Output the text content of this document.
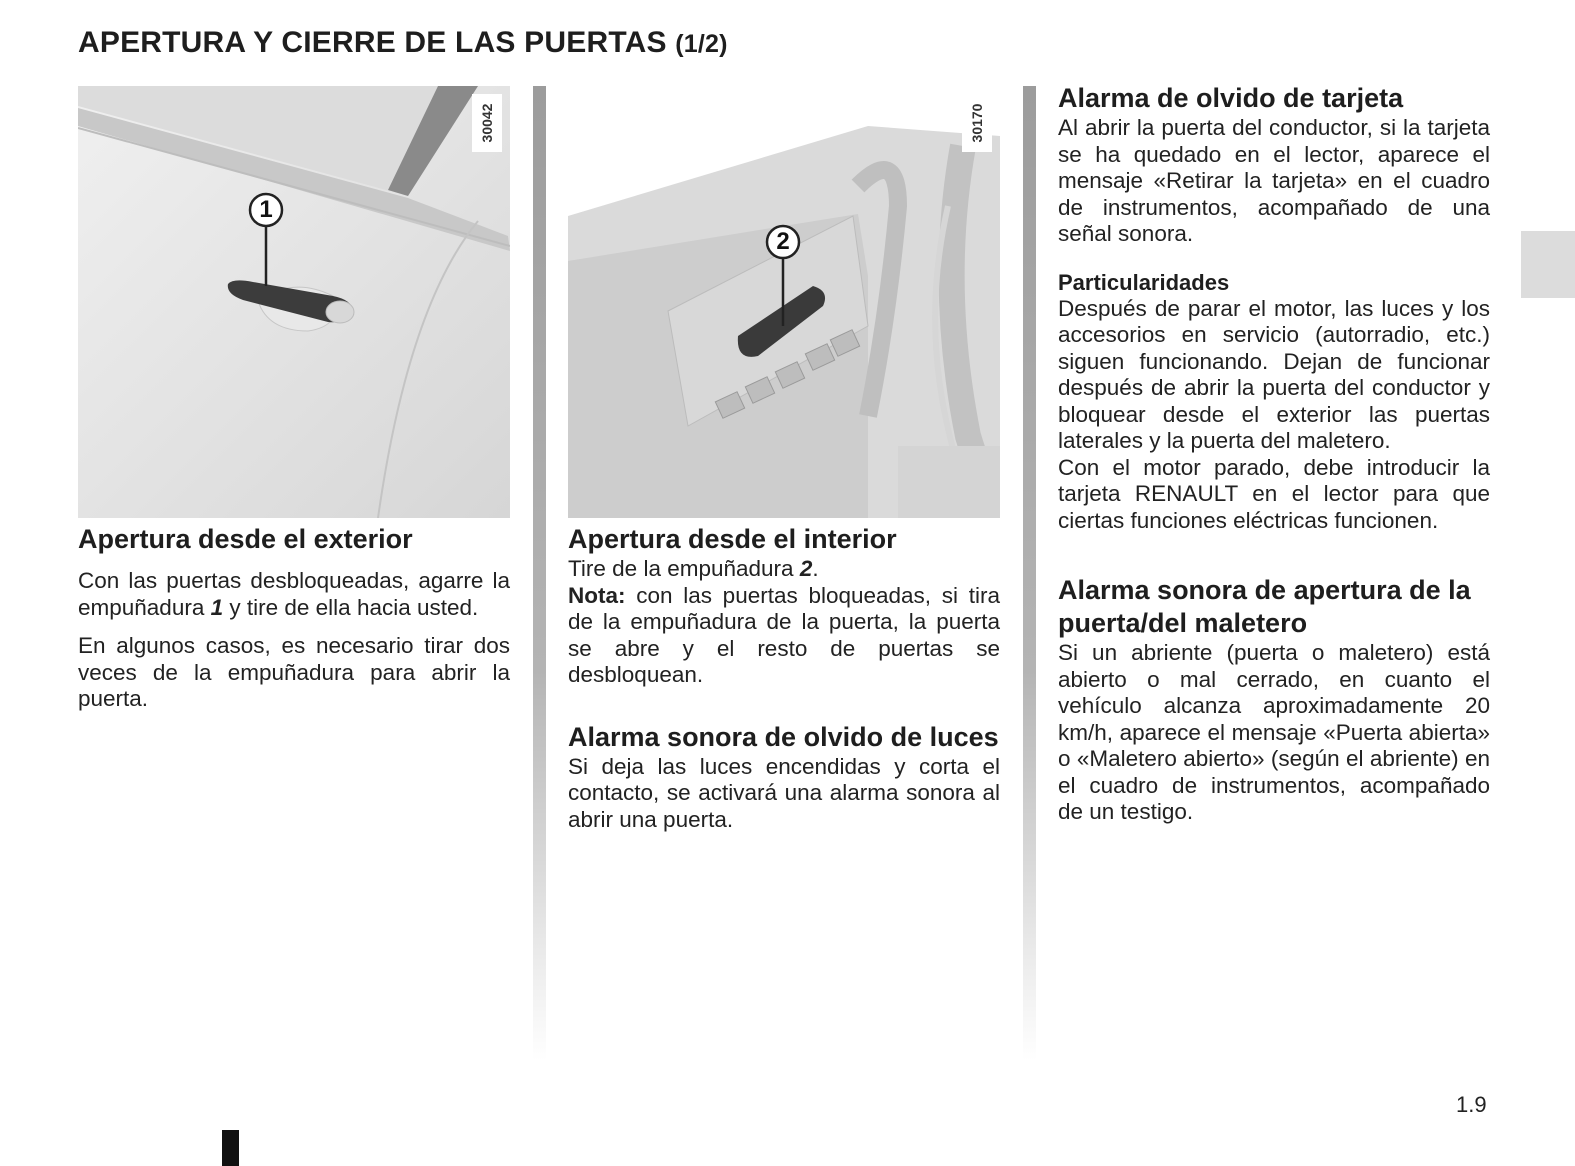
APERTURA Y CIERRE DE LAS PUERTAS (1/2)
1
30042
Apertura desde el exterior

Con las puertas desbloqueadas, agarre la empuñadura 1 y tire de ella hacia usted.

En algunos casos, es necesario tirar dos veces de la empuñadura para abrir la puerta.

2
30170
Apertura desde el interior

Tire de la empuñadura 2.

Nota: con las puertas bloqueadas, si tira de la empuñadura de la puerta, la puerta se abre y el resto de puertas se desbloquean.

Alarma sonora de olvido de luces

Si deja las luces encendidas y corta el contacto, se activará una alarma sonora al abrir una puerta.

Alarma de olvido de tarjeta

Al abrir la puerta del conductor, si la tarjeta se ha quedado en el lector, aparece el mensaje «Retirar la tarjeta» en el cuadro de instrumentos, acompañado de una señal sonora.

Particularidades

Después de parar el motor, las luces y los accesorios en servicio (autorradio, etc.) siguen funcionando. Dejan de funcionar después de abrir la puerta del conductor y bloquear desde el exterior las puertas laterales y la puerta del maletero.

Con el motor parado, debe introducir la tarjeta RENAULT en el lector para que ciertas funciones eléctricas funcionen.

Alarma sonora de apertura de la puerta/del maletero

Si un abriente (puerta o maletero) está abierto o mal cerrado, en cuanto el vehículo alcanza aproximadamente 20 km/h, aparece el mensaje «Puerta abierta» o «Maletero abierto» (según el abriente) en el cuadro de instrumentos, acompañado de un testigo.

1.9
